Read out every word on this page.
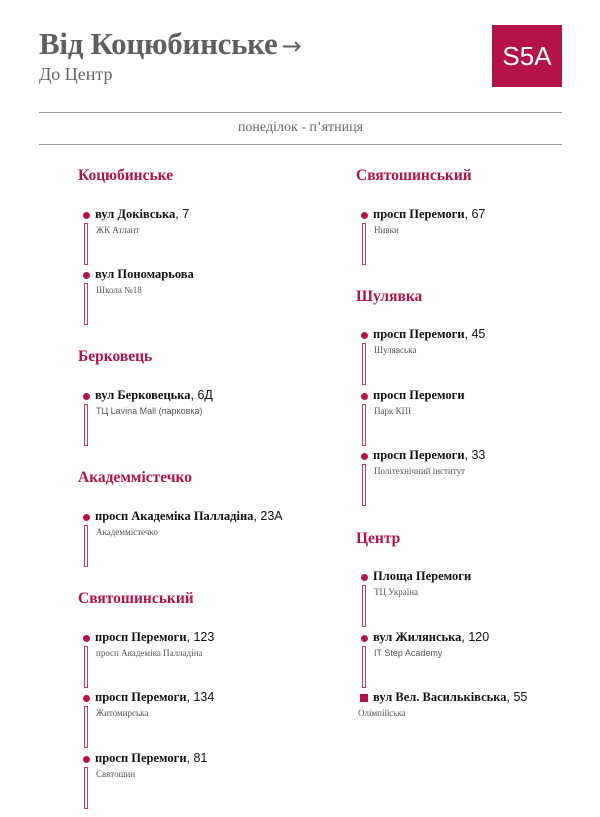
Від Коцюбинське →
До Центр
S5A
понеділок - п’ятниця
Коцюбинське
вул Доківська, 7
ЖК Атлант
вул Пономарьова
Школа №18
Берковець
вул Берковецька, 6Д
ТЦ Lavina Mall (парковка)
Академмістечко
просп Академіка Палладіна, 23А
Академмістечко
Святошинський
просп Перемоги, 123
просп Академіка Палладіна
просп Перемоги, 134
Житомирська
просп Перемоги, 81
Святошин
Святошинський
просп Перемоги, 67
Нивки
Шулявка
просп Перемоги, 45
Шулявська
просп Перемоги
Парк КПІ
просп Перемоги, 33
Політехнічний інститут
Центр
Площа Перемоги
ТЦ Україна
вул Жилянська, 120
IT Step Academy
вул Вел. Васильківська, 55
Олімпійська
